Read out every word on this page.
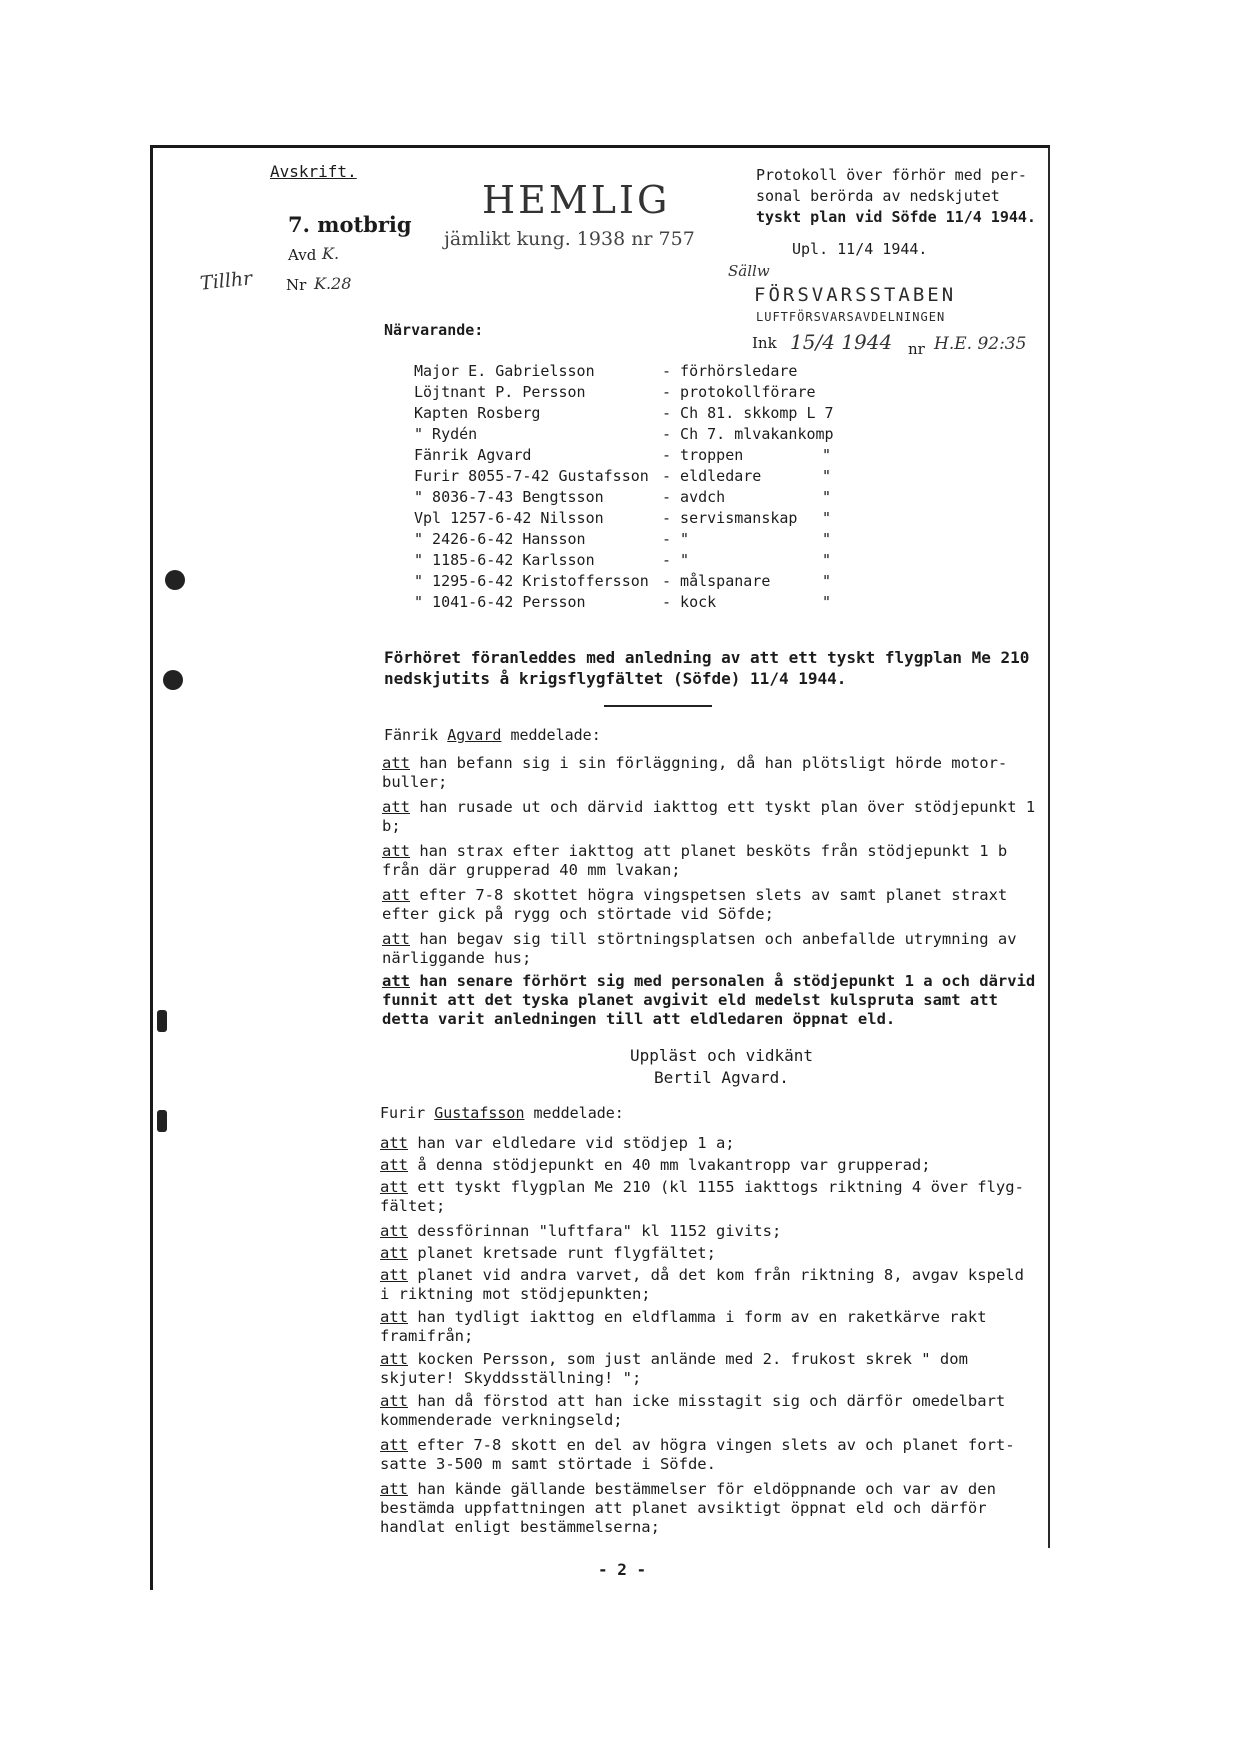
Avskrift.
7. motbrig
Avd K.
Nr K.28
Tillhr
HEMLIG
jämlikt kung. 1938 nr 757
Protokoll över förhör med per-
sonal berörda av nedskjutet
tyskt plan vid Söfde 11/4 1944.
Upl. 11/4 1944.
Sällw
FÖRSVARSSTABEN
LUFTFÖRSVARSAVDELNINGEN
Ink 15/4 1944 nr H.E. 92:35
Närvarande:
Major E. Gabrielsson	- förhörsledare
Löjtnant P. Persson	- protokollförare
Kapten Rosberg	- Ch 81. skkomp L 7
" Rydén	- Ch 7. mlvakankomp
Fänrik Agvard	- troppen	"
Furir 8055-7-42 Gustafsson - eldledare	"
" 8036-7-43 Bengtsson	- avdch	"
Vpl 1257-6-42 Nilsson	- servismanskap "
" 2426-6-42 Hansson	- "	"
" 1185-6-42 Karlsson	- "	"
" 1295-6-42 Kristoffersson - målspanare	"
" 1041-6-42 Persson	- kock	"
Förhöret föranleddes med anledning av att ett tyskt flygplan Me 210
nedskjutits å krigsflygfältet (Söfde) 11/4 1944.
Fänrik Agvard meddelade:
att han befann sig i sin förläggning, då han plötsligt hörde motor-
buller;
att han rusade ut och därvid iakttog ett tyskt plan över stödjepunkt 1
b;
att han strax efter iakttog att planet besköts från stödjepunkt 1 b
från där grupperad 40 mm lvakan;
att efter 7-8 skottet högra vingspetsen slets av samt planet straxt
efter gick på rygg och störtade vid Söfde;
att han begav sig till störtningsplatsen och anbefallde utrymning av
närliggande hus;
att han senare förhört sig med personalen å stödjepunkt 1 a och därvid
funnit att det tyska planet avgivit eld medelst kulspruta samt att
detta varit anledningen till att eldledaren öppnat eld.
Uppläst och vidkänt
Bertil Agvard.
Furir Gustafsson meddelade:
att han var eldledare vid stödjep 1 a;
att å denna stödjepunkt en 40 mm lvakantropp var grupperad;
att ett tyskt flygplan Me 210 (kl 1155 iakttogs riktning 4 över flyg-
fältet;
att dessförinnan "luftfara" kl 1152 givits;
att planet kretsade runt flygfältet;
att planet vid andra varvet, då det kom från riktning 8, avgav kspeld
i riktning mot stödjepunkten;
att han tydligt iakttog en eldflamma i form av en raketkärve rakt
framifrån;
att kocken Persson, som just anlände med 2. frukost skrek " dom
skjuter! Skyddsställning! ";
att han då förstod att han icke misstagit sig och därför omedelbart
kommenderade verkningseld;
att efter 7-8 skott en del av högra vingen slets av och planet fort-
satte 3-500 m samt störtade i Söfde.
att han kände gällande bestämmelser för eldöppnande och var av den
bestämda uppfattningen att planet avsiktigt öppnat eld och därför
handlat enligt bestämmelserna;
- 2 -
